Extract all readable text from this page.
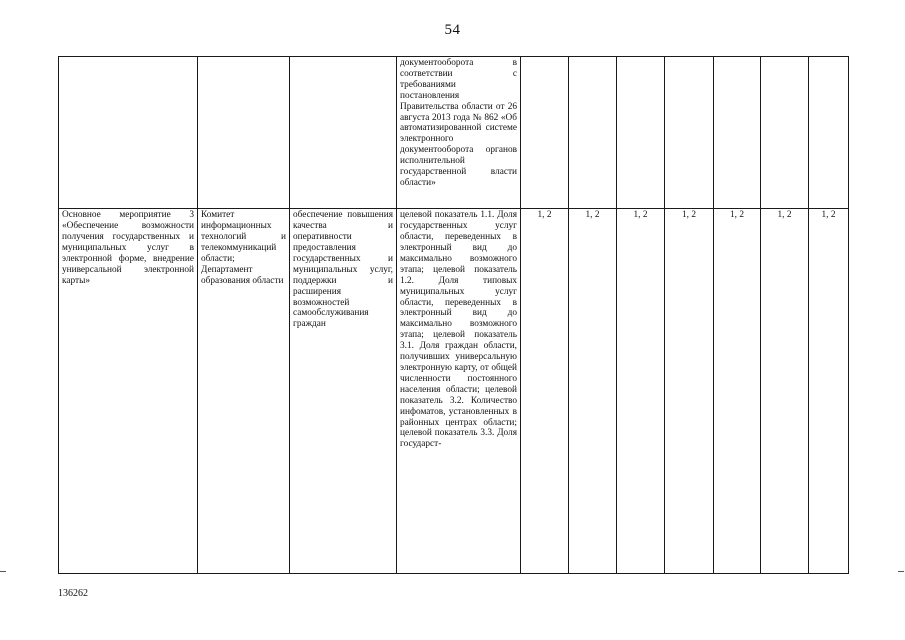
54
			документооборота в соответствии с требованиями постановления Правительства области от 26 августа 2013 года № 862 «Об автоматизированной системе электронного документооборота органов исполнительной государственной власти области»							
Основное мероприятие 3 «Обеспечение возможности получения государственных и муниципальных услуг в электронной форме, внедрение универсальной электронной карты»	Комитет информационных технологий и телекоммуникаций области; Департамент образования области	обеспечение повышения качества и оперативности предоставления государственных и муниципальных услуг, поддержки и расширения возможностей самообслуживания граждан	целевой показатель 1.1. Доля государственных услуг области, переведенных в электронный вид до максимально возможного этапа; целевой показатель 1.2. Доля типовых муниципальных услуг области, переведенных в электронный вид до максимально возможного этапа; целевой показатель 3.1. Доля граждан области, получивших универсальную электронную карту, от общей численности постоянного населения области; целевой показатель 3.2. Количество инфоматов, установленных в районных центрах области; целевой показатель 3.3. Доля государст-	1, 2	1, 2	1, 2	1, 2	1, 2	1, 2	1, 2
136262
